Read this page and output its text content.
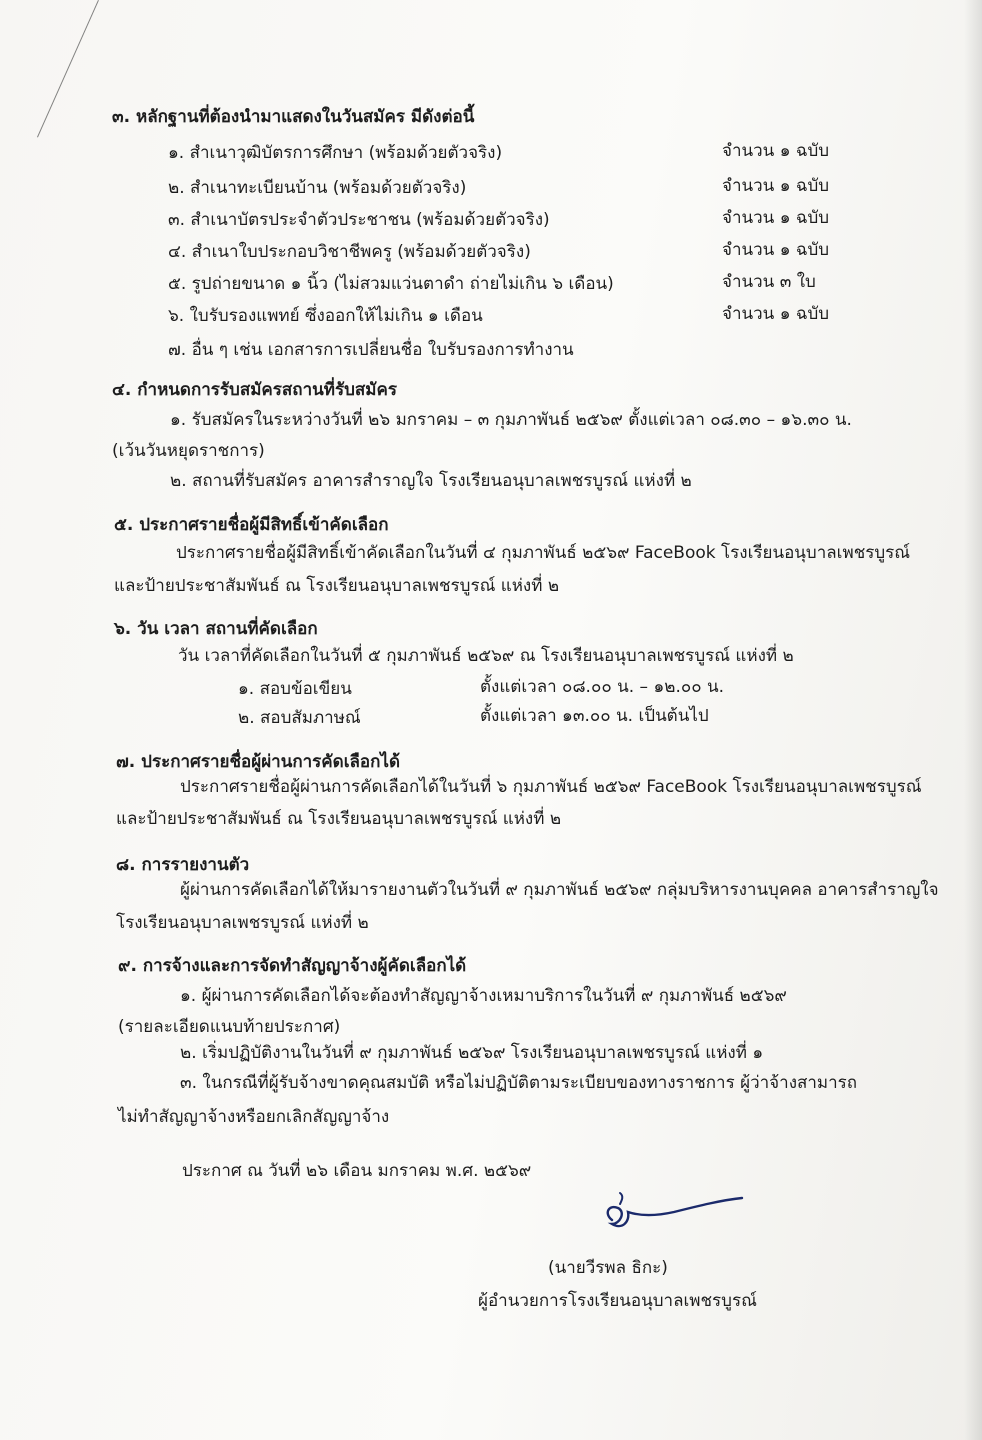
๓. หลักฐานที่ต้องนำมาแสดงในวันสมัคร มีดังต่อนี้
๑. สำเนาวุฒิบัตรการศึกษา (พร้อมด้วยตัวจริง)	จำนวน ๑ ฉบับ
๒. สำเนาทะเบียนบ้าน (พร้อมด้วยตัวจริง)	จำนวน ๑ ฉบับ
๓. สำเนาบัตรประจำตัวประชาชน (พร้อมด้วยตัวจริง)	จำนวน ๑ ฉบับ
๔. สำเนาใบประกอบวิชาชีพครู (พร้อมด้วยตัวจริง)	จำนวน ๑ ฉบับ
๕. รูปถ่ายขนาด ๑ นิ้ว (ไม่สวมแว่นตาดำ ถ่ายไม่เกิน ๖ เดือน)	จำนวน ๓ ใบ
๖. ใบรับรองแพทย์ ซึ่งออกให้ไม่เกิน ๑ เดือน	จำนวน ๑ ฉบับ
๗. อื่น ๆ เช่น เอกสารการเปลี่ยนชื่อ ใบรับรองการทำงาน
๔. กำหนดการรับสมัครสถานที่รับสมัคร
๑. รับสมัครในระหว่างวันที่ ๒๖ มกราคม – ๓ กุมภาพันธ์ ๒๕๖๙ ตั้งแต่เวลา ๐๘.๓๐ – ๑๖.๓๐ น.
(เว้นวันหยุดราชการ)
๒. สถานที่รับสมัคร อาคารสำราญใจ โรงเรียนอนุบาลเพชรบูรณ์ แห่งที่ ๒
๕. ประกาศรายชื่อผู้มีสิทธิ์เข้าคัดเลือก
ประกาศรายชื่อผู้มีสิทธิ์เข้าคัดเลือกในวันที่ ๔ กุมภาพันธ์ ๒๕๖๙ FaceBook โรงเรียนอนุบาลเพชรบูรณ์
และป้ายประชาสัมพันธ์ ณ โรงเรียนอนุบาลเพชรบูรณ์ แห่งที่ ๒
๖. วัน เวลา สถานที่คัดเลือก
วัน เวลาที่คัดเลือกในวันที่ ๕ กุมภาพันธ์ ๒๕๖๙ ณ โรงเรียนอนุบาลเพชรบูรณ์ แห่งที่ ๒
๑. สอบข้อเขียน	ตั้งแต่เวลา ๐๘.๐๐ น. – ๑๒.๐๐ น.
๒. สอบสัมภาษณ์	ตั้งแต่เวลา ๑๓.๐๐ น. เป็นต้นไป
๗. ประกาศรายชื่อผู้ผ่านการคัดเลือกได้
ประกาศรายชื่อผู้ผ่านการคัดเลือกได้ในวันที่ ๖ กุมภาพันธ์ ๒๕๖๙ FaceBook โรงเรียนอนุบาลเพชรบูรณ์
และป้ายประชาสัมพันธ์ ณ โรงเรียนอนุบาลเพชรบูรณ์ แห่งที่ ๒
๘. การรายงานตัว
ผู้ผ่านการคัดเลือกได้ให้มารายงานตัวในวันที่ ๙ กุมภาพันธ์ ๒๕๖๙ กลุ่มบริหารงานบุคคล อาคารสำราญใจ
โรงเรียนอนุบาลเพชรบูรณ์ แห่งที่ ๒
๙. การจ้างและการจัดทำสัญญาจ้างผู้คัดเลือกได้
๑. ผู้ผ่านการคัดเลือกได้จะต้องทำสัญญาจ้างเหมาบริการในวันที่ ๙ กุมภาพันธ์ ๒๕๖๙
(รายละเอียดแนบท้ายประกาศ)
๒. เริ่มปฏิบัติงานในวันที่ ๙ กุมภาพันธ์ ๒๕๖๙ โรงเรียนอนุบาลเพชรบูรณ์ แห่งที่ ๑
๓. ในกรณีที่ผู้รับจ้างขาดคุณสมบัติ หรือไม่ปฏิบัติตามระเบียบของทางราชการ ผู้ว่าจ้างสามารถ
ไม่ทำสัญญาจ้างหรือยกเลิกสัญญาจ้าง
ประกาศ ณ วันที่ ๒๖ เดือน มกราคม พ.ศ. ๒๕๖๙
(นายวีรพล ธิกะ)
ผู้อำนวยการโรงเรียนอนุบาลเพชรบูรณ์
